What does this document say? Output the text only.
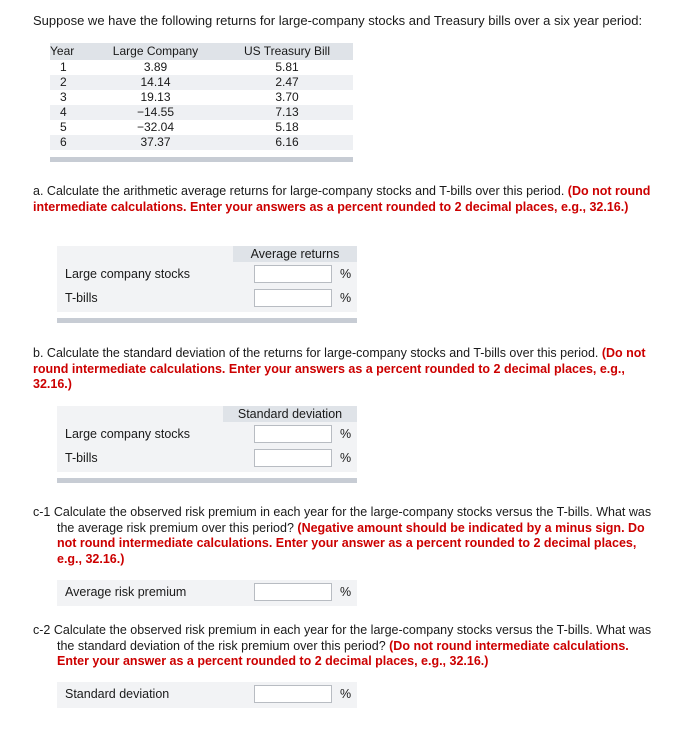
Suppose we have the following returns for large-company stocks and Treasury bills over a six year period:
Year	Large Company	US Treasury Bill
1	3.89	5.81
2	14.14	2.47
3	19.13	3.70
4	−14.55	7.13
5	−32.04	5.18
6	37.37	6.16
a. Calculate the arithmetic average returns for large-company stocks and T-bills over this period. (Do not round intermediate calculations. Enter your answers as a percent rounded to 2 decimal places, e.g., 32.16.)
Average returns
Large company stocks	%
T-bills	%
b. Calculate the standard deviation of the returns for large-company stocks and T-bills over this period. (Do not round intermediate calculations. Enter your answers as a percent rounded to 2 decimal places, e.g., 32.16.)
Standard deviation
Large company stocks	%
T-bills	%
c-1 Calculate the observed risk premium in each year for the large-company stocks versus the T-bills. What was the average risk premium over this period? (Negative amount should be indicated by a minus sign. Do not round intermediate calculations. Enter your answer as a percent rounded to 2 decimal places, e.g., 32.16.)
Average risk premium	%
c-2 Calculate the observed risk premium in each year for the large-company stocks versus the T-bills. What was the standard deviation of the risk premium over this period? (Do not round intermediate calculations. Enter your answer as a percent rounded to 2 decimal places, e.g., 32.16.)
Standard deviation	%
